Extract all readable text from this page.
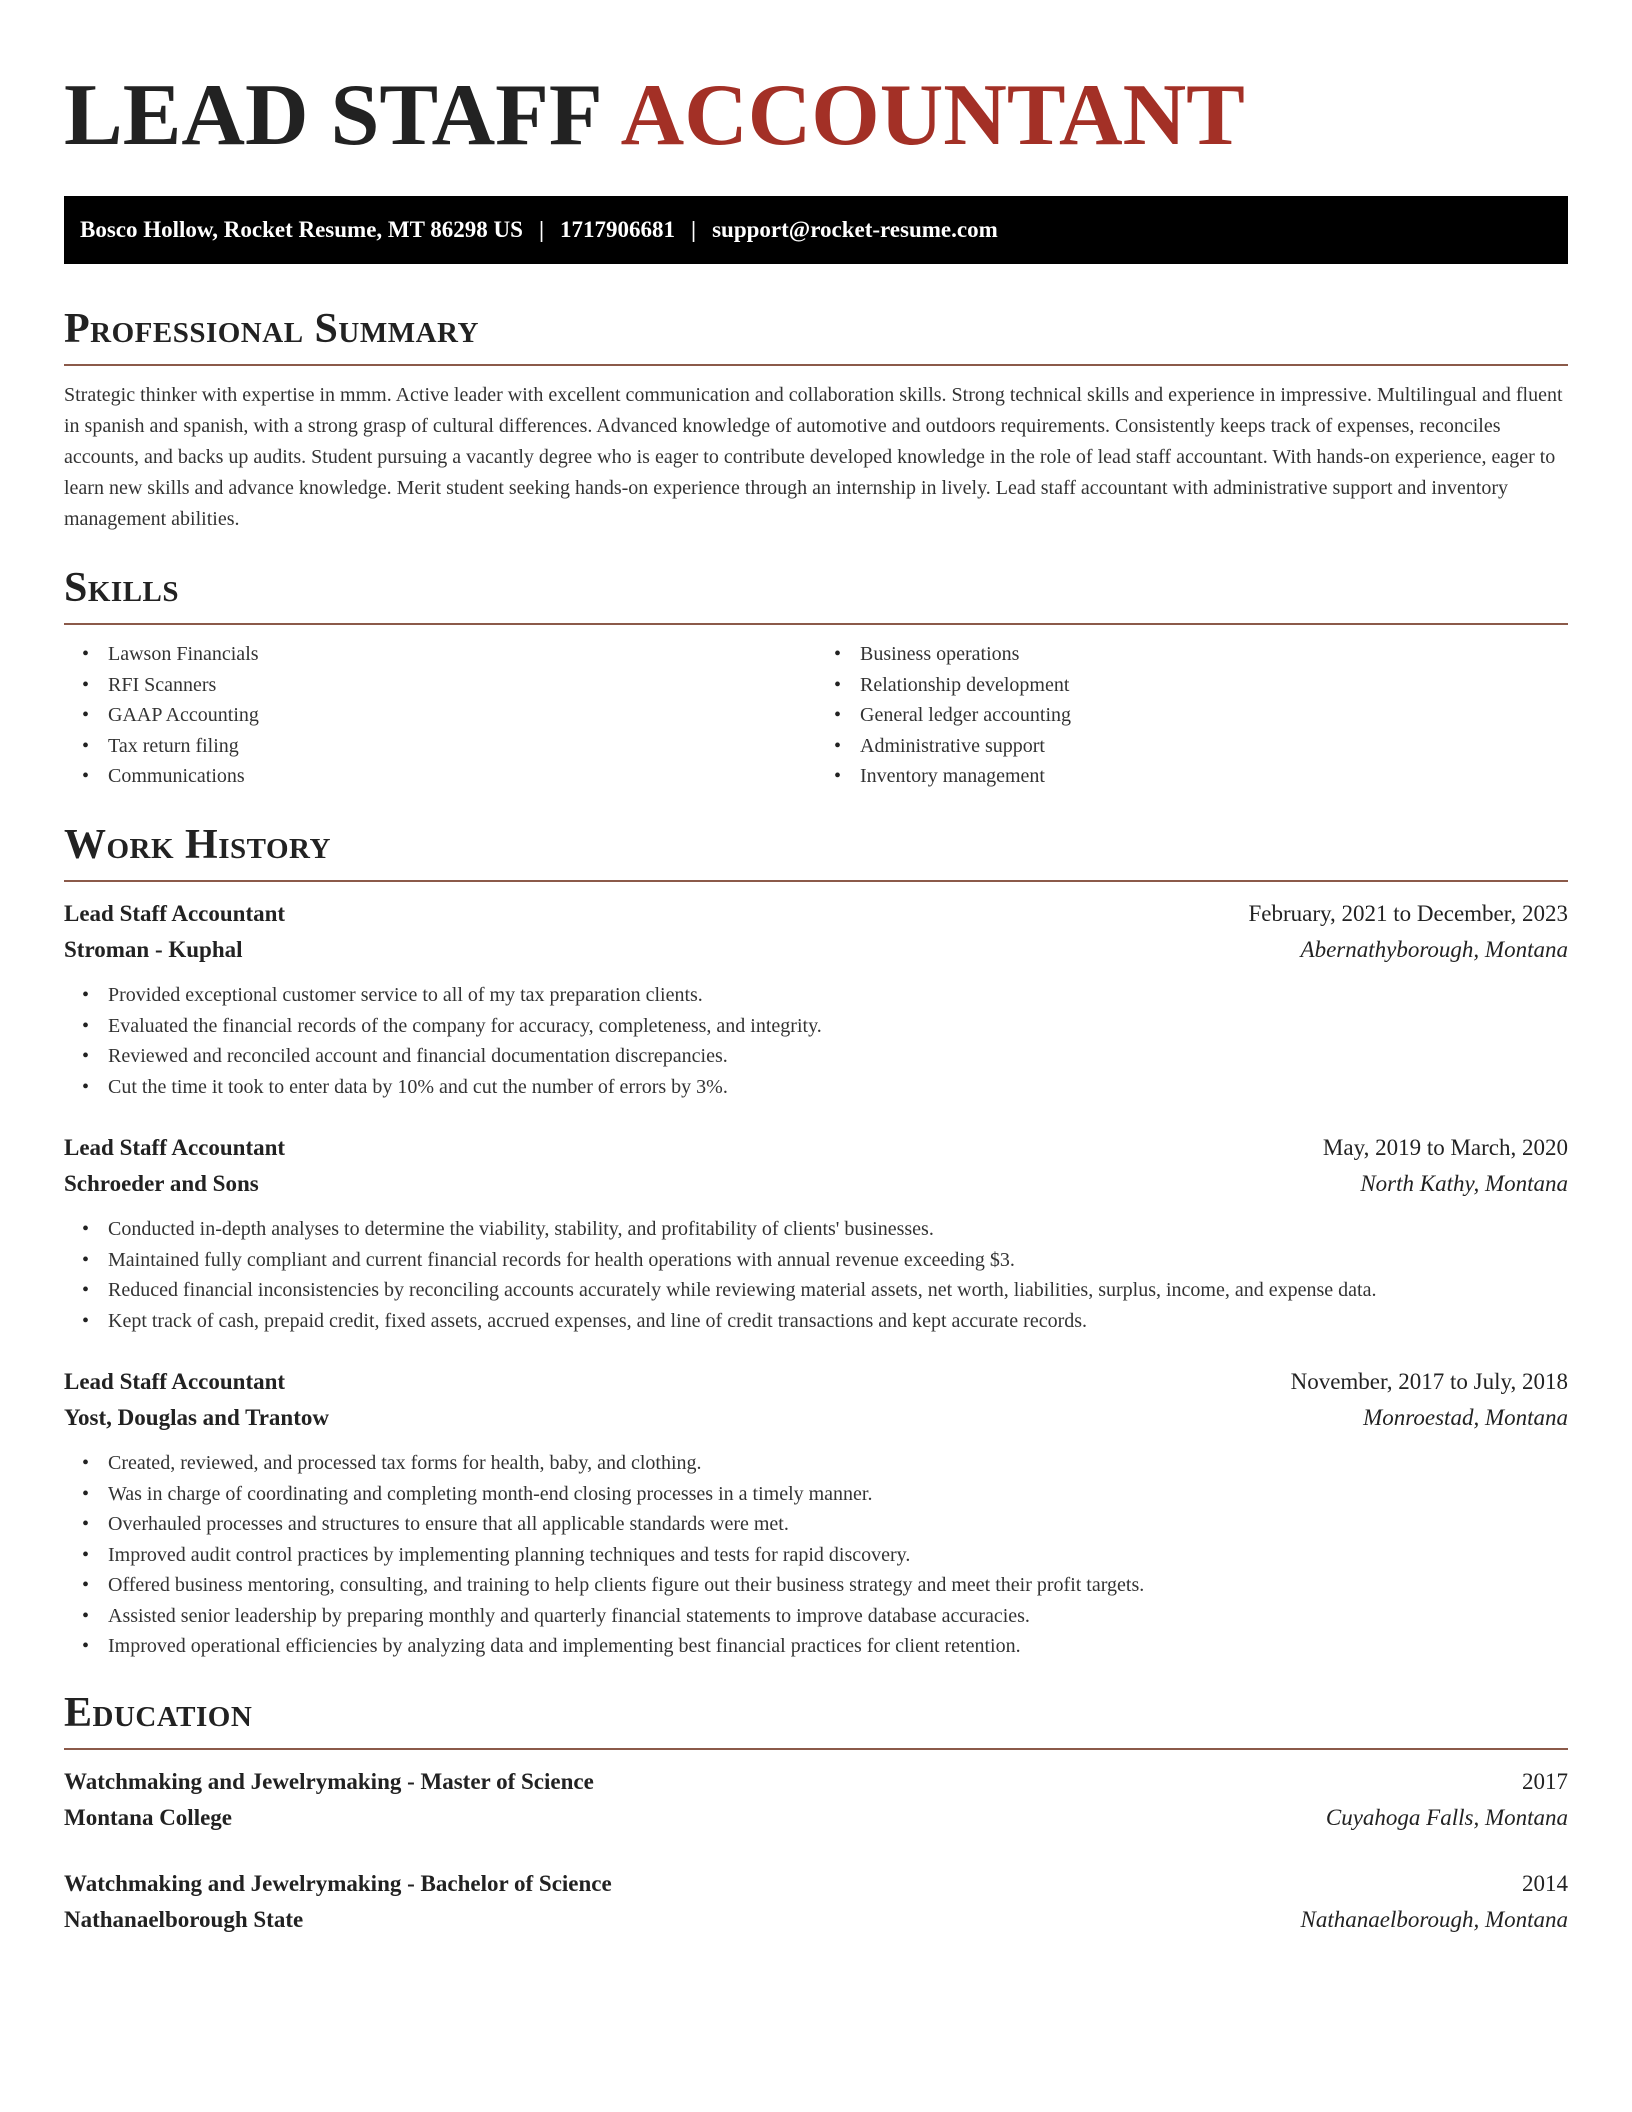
LEAD STAFF ACCOUNTANT
Bosco Hollow, Rocket Resume, MT 86298 US | 1717906681 | support@rocket-resume.com
Professional Summary

Strategic thinker with expertise in mmm. Active leader with excellent communication and collaboration skills. Strong technical skills and experience in impressive. Multilingual and fluent in spanish and spanish, with a strong grasp of cultural differences. Advanced knowledge of automotive and outdoors requirements. Consistently keeps track of expenses, reconciles accounts, and backs up audits. Student pursuing a vacantly degree who is eager to contribute developed knowledge in the role of lead staff accountant. With hands-on experience, eager to learn new skills and advance knowledge. Merit student seeking hands-on experience through an internship in lively. Lead staff accountant with administrative support and inventory management abilities.

Skills
• Lawson Financials
• RFI Scanners
• GAAP Accounting
• Tax return filing
• Communications
• Business operations
• Relationship development
• General ledger accounting
• Administrative support
• Inventory management
Work History
Lead Staff Accountant	February, 2021 to December, 2023
Stroman - Kuphal	Abernathyborough, Montana
• Provided exceptional customer service to all of my tax preparation clients.
• Evaluated the financial records of the company for accuracy, completeness, and integrity.
• Reviewed and reconciled account and financial documentation discrepancies.
• Cut the time it took to enter data by 10% and cut the number of errors by 3%.
Lead Staff Accountant	May, 2019 to March, 2020
Schroeder and Sons	North Kathy, Montana
• Conducted in-depth analyses to determine the viability, stability, and profitability of clients' businesses.
• Maintained fully compliant and current financial records for health operations with annual revenue exceeding $3.
• Reduced financial inconsistencies by reconciling accounts accurately while reviewing material assets, net worth, liabilities, surplus, income, and expense data.
• Kept track of cash, prepaid credit, fixed assets, accrued expenses, and line of credit transactions and kept accurate records.
Lead Staff Accountant	November, 2017 to July, 2018
Yost, Douglas and Trantow	Monroestad, Montana
• Created, reviewed, and processed tax forms for health, baby, and clothing.
• Was in charge of coordinating and completing month-end closing processes in a timely manner.
• Overhauled processes and structures to ensure that all applicable standards were met.
• Improved audit control practices by implementing planning techniques and tests for rapid discovery.
• Offered business mentoring, consulting, and training to help clients figure out their business strategy and meet their profit targets.
• Assisted senior leadership by preparing monthly and quarterly financial statements to improve database accuracies.
• Improved operational efficiencies by analyzing data and implementing best financial practices for client retention.
Education
Watchmaking and Jewelrymaking - Master of Science	2017
Montana College	Cuyahoga Falls, Montana
Watchmaking and Jewelrymaking - Bachelor of Science	2014
Nathanaelborough State	Nathanaelborough, Montana
